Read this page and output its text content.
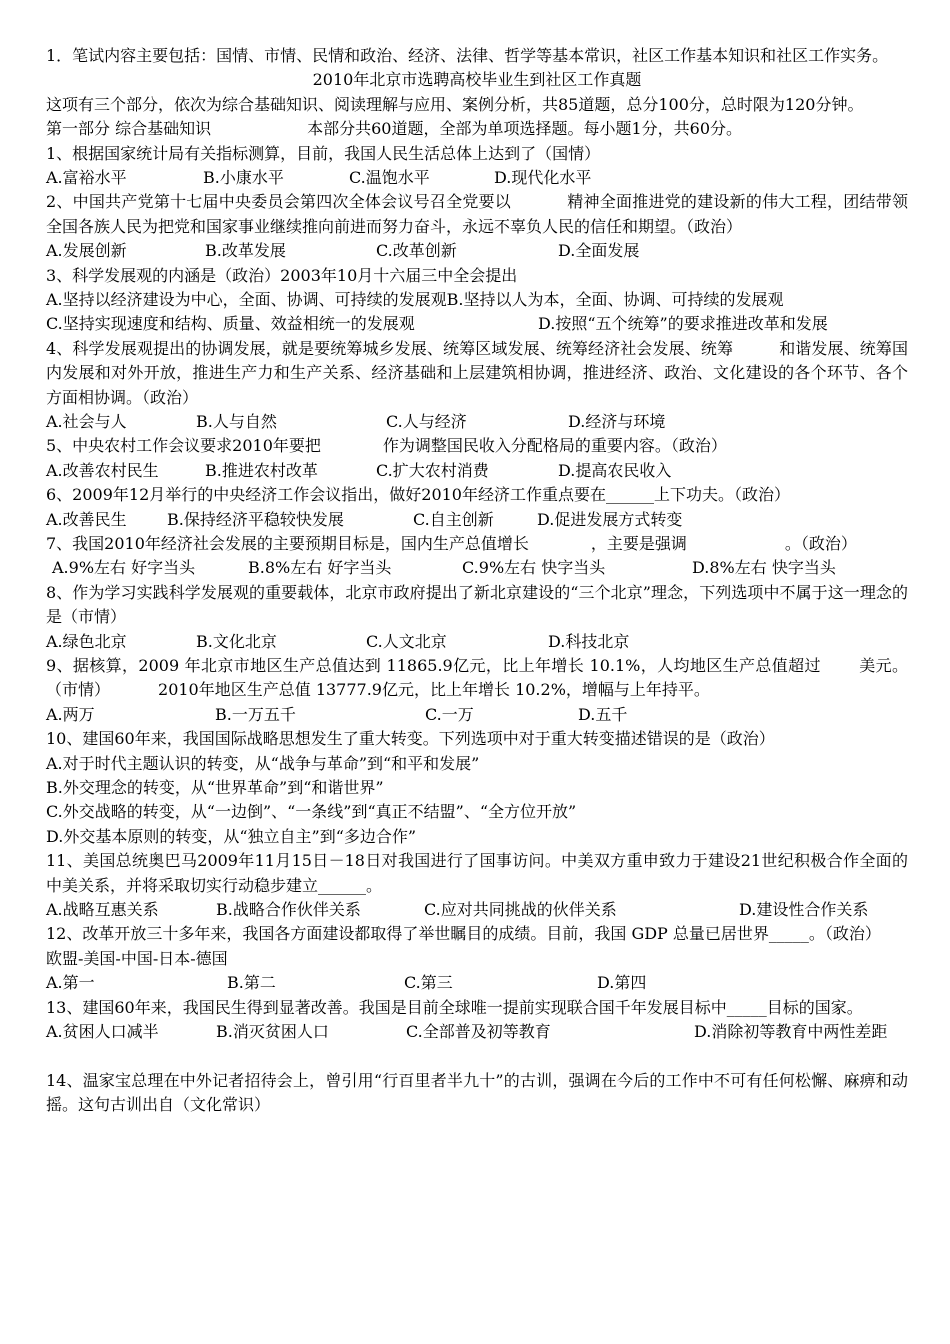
1．笔试内容主要包括：国情、市情、民情和政治、经济、法律、哲学等基本常识，社区工作基本知识和社区工作实务。

2010年北京市选聘高校毕业生到社区工作真题

这项有三个部分，依次为综合基础知识、阅读理解与应用、案例分析，共85道题，总分100分，总时限为120分钟。

第一部分 综合基础知识	本部分共60道题，全部为单项选择题。每小题1分，共60分。

1、根据国家统计局有关指标测算，目前，我国人民生活总体上达到了（国情）

A.富裕水平	B.小康水平	C.温饱水平	D.现代化水平

2、中国共产党第十七届中央委员会第四次全体会议号召全党要以	精神全面推进党的建设新的伟大工程，团结带领全国各族人民为把党和国家事业继续推向前进而努力奋斗，永远不辜负人民的信任和期望。（政治）

A.发展创新	B.改革发展	C.改革创新	D.全面发展

3、科学发展观的内涵是（政治）2003年10月十六届三中全会提出

A.坚持以经济建设为中心，全面、协调、可持续的发展观B.坚持以人为本，全面、协调、可持续的发展观

C.坚持实现速度和结构、质量、效益相统一的发展观	D.按照“五个统筹”的要求推进改革和发展

4、科学发展观提出的协调发展，就是要统筹城乡发展、统筹区域发展、统筹经济社会发展、统筹	和谐发展、统筹国内发展和对外开放，推进生产力和生产关系、经济基础和上层建筑相协调，推进经济、政治、文化建设的各个环节、各个方面相协调。（政治）

A.社会与人	B.人与自然	C.人与经济	D.经济与环境

5、中央农村工作会议要求2010年要把	作为调整国民收入分配格局的重要内容。（政治）

A.改善农村民生	B.推进农村改革	C.扩大农村消费	D.提高农民收入

6、2009年12月举行的中央经济工作会议指出，做好2010年经济工作重点要在______上下功夫。（政治）

A.改善民生	B.保持经济平稳较快发展	C.自主创新	D.促进发展方式转变
7、我国2010年经济社会发展的主要预期目标是，国内生产总值增长	，主要是强调	。（政治）
A.9%左右 好字当头	B.8%左右 好字当头	C.9%左右 快字当头	D.8%左右 快字当头

8、作为学习实践科学发展观的重要载体，北京市政府提出了新北京建设的“三个北京”理念，下列选项中不属于这一理念的是（市情）

A.绿色北京	B.文化北京	C.人文北京	D.科技北京

9、据核算，2009 年北京市地区生产总值达到 11865.9亿元，比上年增长 10.1%，人均地区生产总值超过 美元。（市情）	2010年地区生产总值 13777.9亿元，比上年增长 10.2%，增幅与上年持平。

A.两万	B.一万五千	C.一万	D.五千

10、建国60年来，我国国际战略思想发生了重大转变。下列选项中对于重大转变描述错误的是（政治）

A.对于时代主题认识的转变，从“战争与革命”到“和平和发展”

B.外交理念的转变，从“世界革命”到“和谐世界”

C.外交战略的转变，从“一边倒”、“一条线”到“真正不结盟”、“全方位开放”

D.外交基本原则的转变，从“独立自主”到“多边合作”

11、美国总统奥巴马2009年11月15日－18日对我国进行了国事访问。中美双方重申致力于建设21世纪积极合作全面的中美关系，并将采取切实行动稳步建立______。

A.战略互惠关系	B.战略合作伙伴关系	C.应对共同挑战的伙伴关系	D.建设性合作关系

12、改革开放三十多年来，我国各方面建设都取得了举世瞩目的成绩。目前，我国 GDP 总量已居世界_____。（政治）

欧盟-美国-中国-日本-德国

A.第一	B.第二	C.第三	D.第四

13、建国60年来，我国民生得到显著改善。我国是目前全球唯一提前实现联合国千年发展目标中_____目标的国家。

A.贫困人口减半	B.消灭贫困人口	C.全部普及初等教育	D.消除初等教育中两性差距

14、温家宝总理在中外记者招待会上，曾引用“行百里者半九十”的古训，强调在今后的工作中不可有任何松懈、麻痹和动摇。这句古训出自（文化常识）
